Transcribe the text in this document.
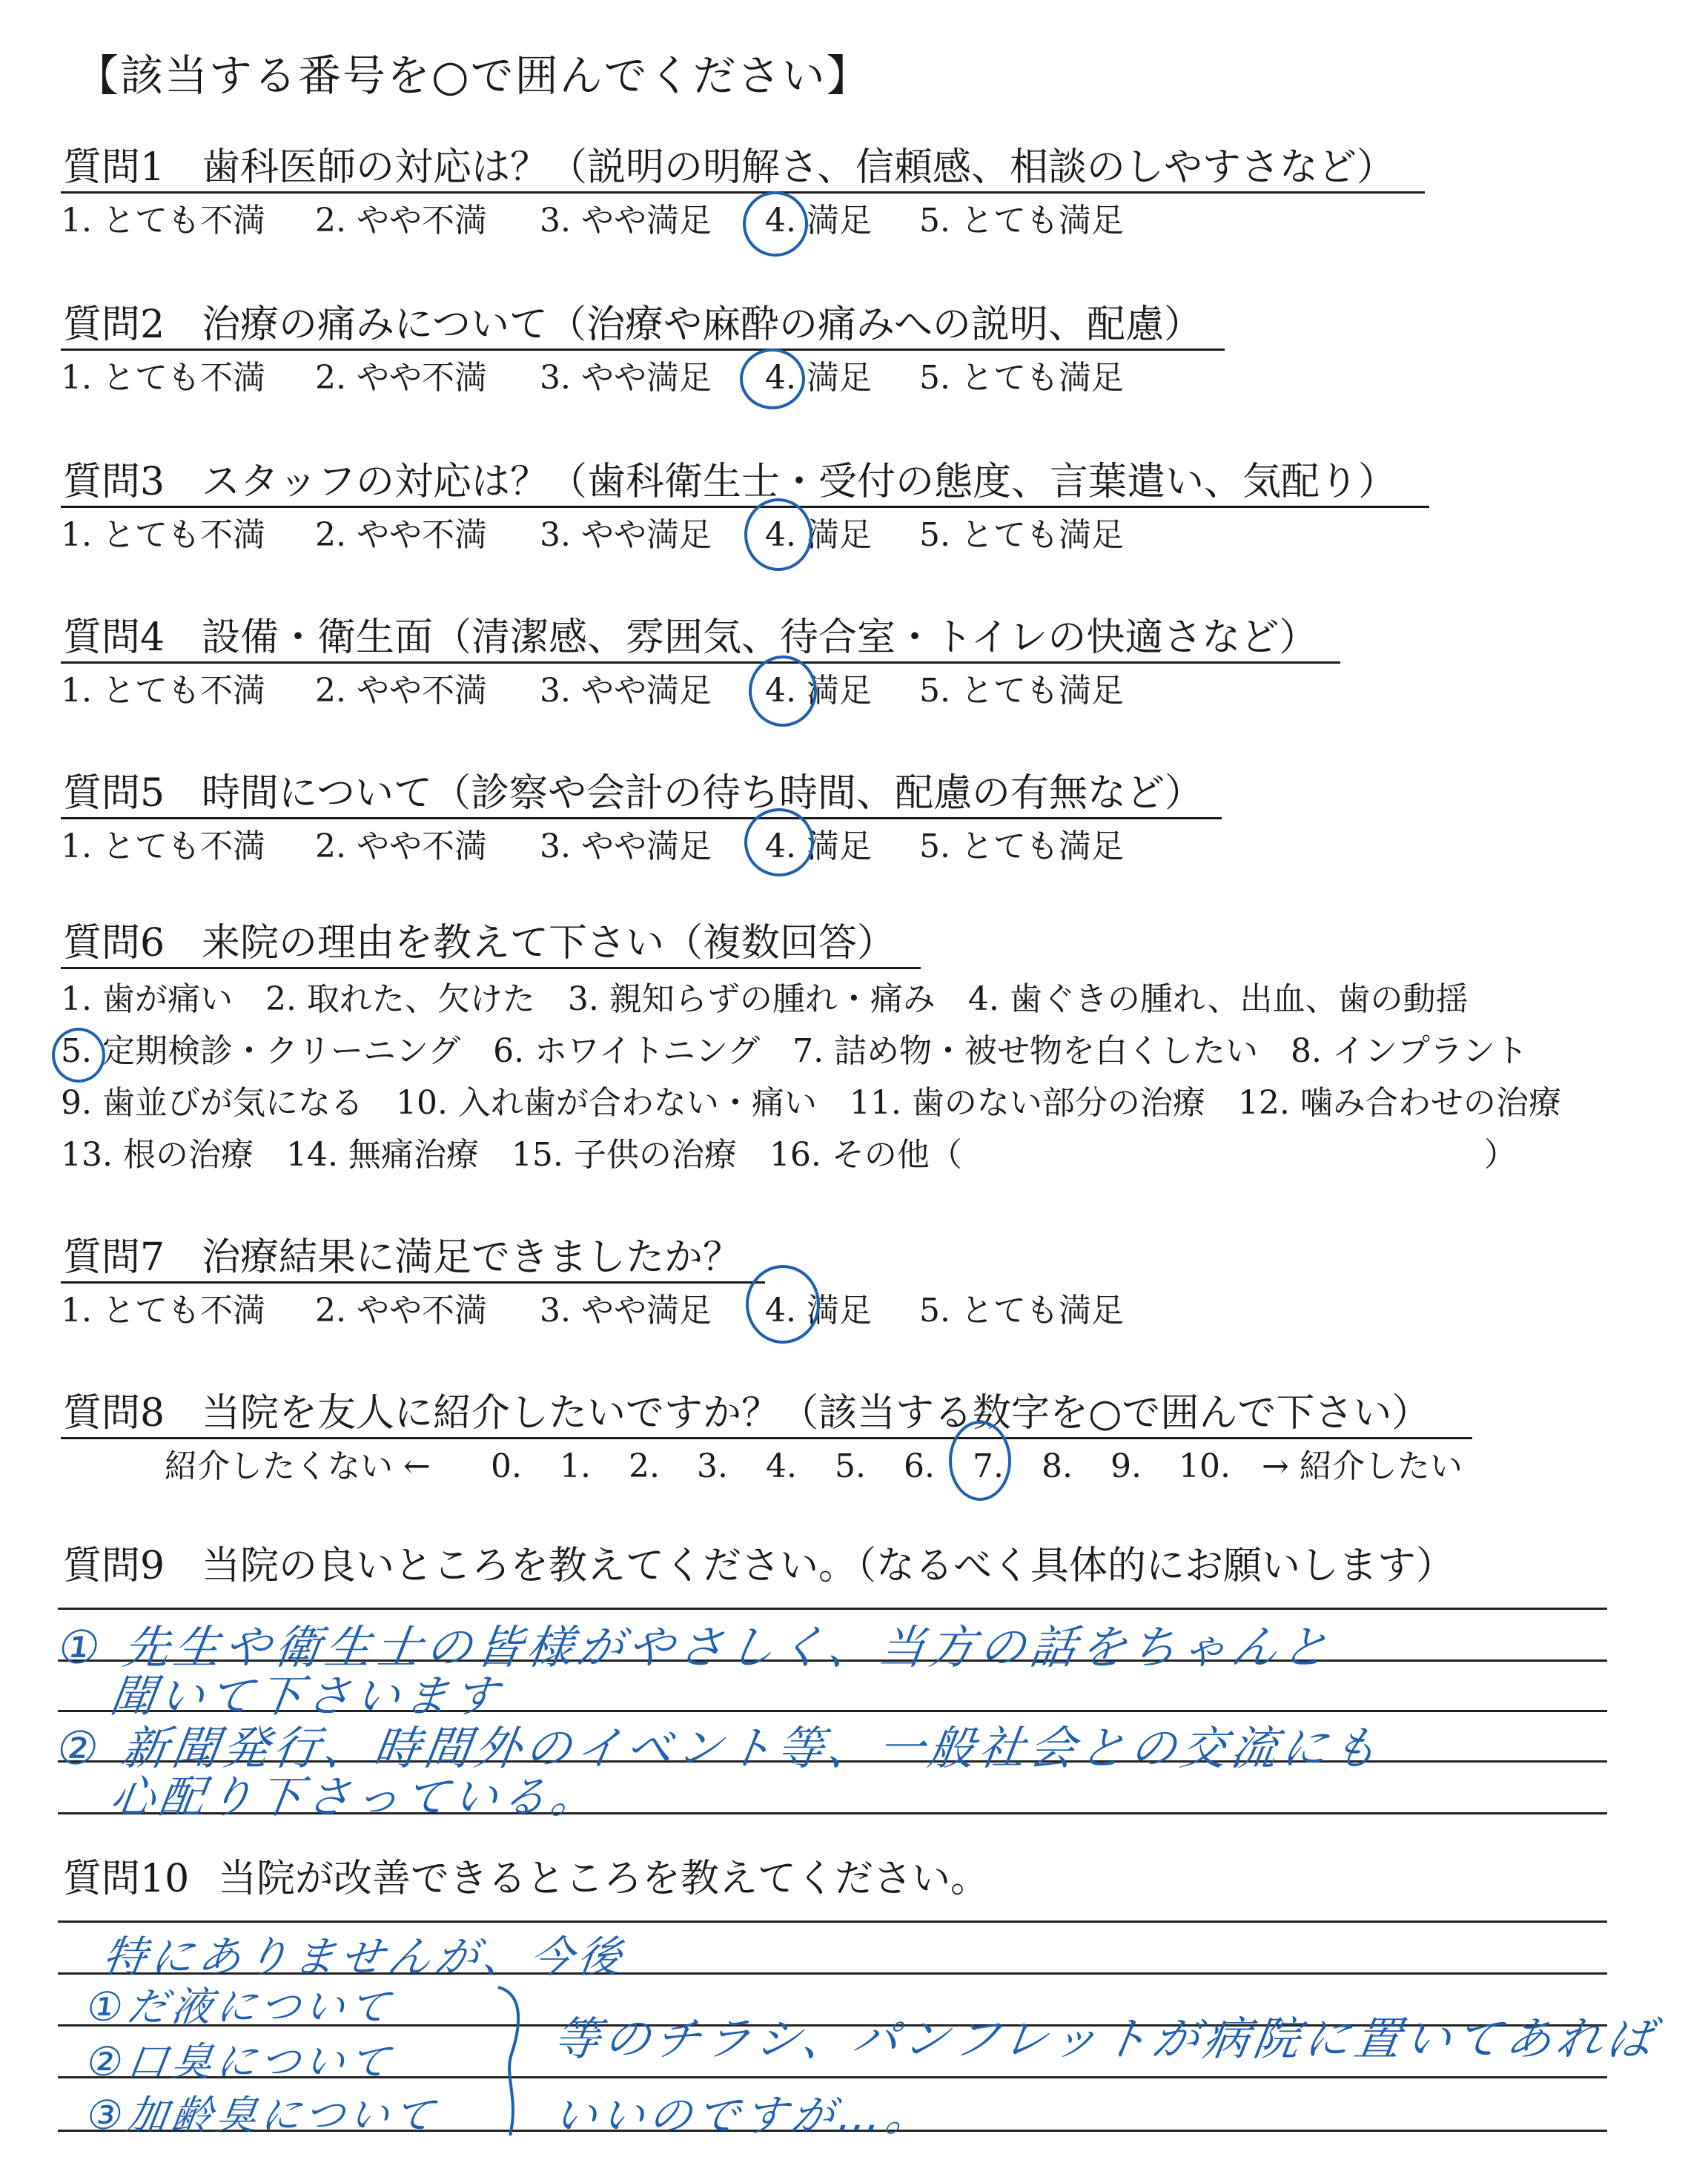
【該当する番号を○で囲んでください】
質問1 歯科医師の対応は？（説明の明解さ、信頼感、相談のしやすさなど）
1. とても不満 2. やや不満 3. やや満足 4. 満足 5. とても満足
質問2 治療の痛みについて（治療や麻酔の痛みへの説明、配慮）
1. とても不満 2. やや不満 3. やや満足 4. 満足 5. とても満足
質問3 スタッフの対応は？（歯科衛生士・受付の態度、言葉遣い、気配り）
1. とても不満 2. やや不満 3. やや満足 4. 満足 5. とても満足
質問4 設備・衛生面（清潔感、雰囲気、待合室・トイレの快適さなど）
1. とても不満 2. やや不満 3. やや満足 4. 満足 5. とても満足
質問5 時間について（診察や会計の待ち時間、配慮の有無など）
1. とても不満 2. やや不満 3. やや満足 4. 満足 5. とても満足
質問6 来院の理由を教えて下さい（複数回答）
1. 歯が痛い　2. 取れた、欠けた　3. 親知らずの腫れ・痛み　4. 歯ぐきの腫れ、出血、歯の動揺
5. 定期検診・クリーニング　6. ホワイトニング　7. 詰め物・被せ物を白くしたい　8. インプラント
9. 歯並びが気になる　10. 入れ歯が合わない・痛い　11. 歯のない部分の治療　12. 噛み合わせの治療
13. 根の治療　14. 無痛治療　15. 子供の治療　16. その他（　　　　　　　　　　　　　　　　）
質問7 治療結果に満足できましたか？
1. とても不満 2. やや不満 3. やや満足 4. 満足 5. とても満足
質問8 当院を友人に紹介したいですか？（該当する数字を○で囲んで下さい）
紹介したくない ← 0. 1. 2. 3. 4. 5. 6. 7. 8. 9. 10. → 紹介したい
質問9 当院の良いところを教えてください。（なるべく具体的にお願いします）
① 先生や衛生士の皆様がやさしく、当方の話をちゃんと
聞いて下さいます
② 新聞発行、時間外のイベント等、一般社会との交流にも
心配り下さっている。
質問10 当院が改善できるところを教えてください。
特にありませんが、今後
①だ液について
②口臭について
③加齢臭について
等のチラシ、パンフレットが病院に置いてあれば
いいのですが…。
